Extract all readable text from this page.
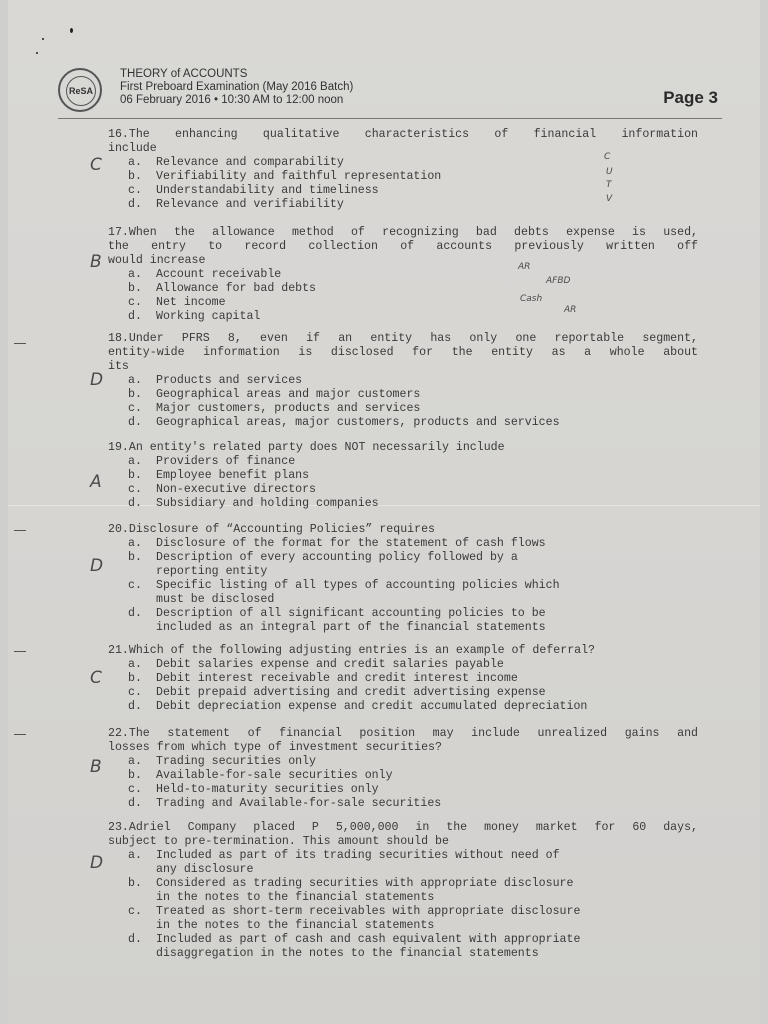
ReSA
THEORY of ACCOUNTS
First Preboard Examination (May 2016 Batch)
06 February 2016 • 10:30 AM to 12:00 noon	Page 3
16.The enhancing qualitative characteristics of financial information
include
a. Relevance and comparability
b. Verifiability and faithful representation
c. Understandability and timeliness
d. Relevance and verifiability
C	C
U
T
V
17.When the allowance method of recognizing bad debts expense is used,
the entry to record collection of accounts previously written off
would increase
a. Account receivable
b. Allowance for bad debts
c. Net income
d. Working capital
B	AR
AFBD
Cash
AR
18.Under PFRS 8, even if an entity has only one reportable segment,
entity-wide information is disclosed for the entity as a whole about
its
a. Products and services
b. Geographical areas and major customers
c. Major customers, products and services
d. Geographical areas, major customers, products and services
D
19.An entity's related party does NOT necessarily include
a. Providers of finance
b. Employee benefit plans
c. Non-executive directors
d. Subsidiary and holding companies
A
20.Disclosure of “Accounting Policies” requires
a. Disclosure of the format for the statement of cash flows
b. Description of every accounting policy followed by a
reporting entity
c. Specific listing of all types of accounting policies which
must be disclosed
d. Description of all significant accounting policies to be
included as an integral part of the financial statements
D
21.Which of the following adjusting entries is an example of deferral?
a. Debit salaries expense and credit salaries payable
b. Debit interest receivable and credit interest income
c. Debit prepaid advertising and credit advertising expense
d. Debit depreciation expense and credit accumulated depreciation
C
22.The statement of financial position may include unrealized gains and
losses from which type of investment securities?
a. Trading securities only
b. Available-for-sale securities only
c. Held-to-maturity securities only
d. Trading and Available-for-sale securities
B
23.Adriel Company placed P 5,000,000 in the money market for 60 days,
subject to pre-termination. This amount should be
a. Included as part of its trading securities without need of
any disclosure
b. Considered as trading securities with appropriate disclosure
in the notes to the financial statements
c. Treated as short-term receivables with appropriate disclosure
in the notes to the financial statements
d. Included as part of cash and cash equivalent with appropriate
disaggregation in the notes to the financial statements
D
